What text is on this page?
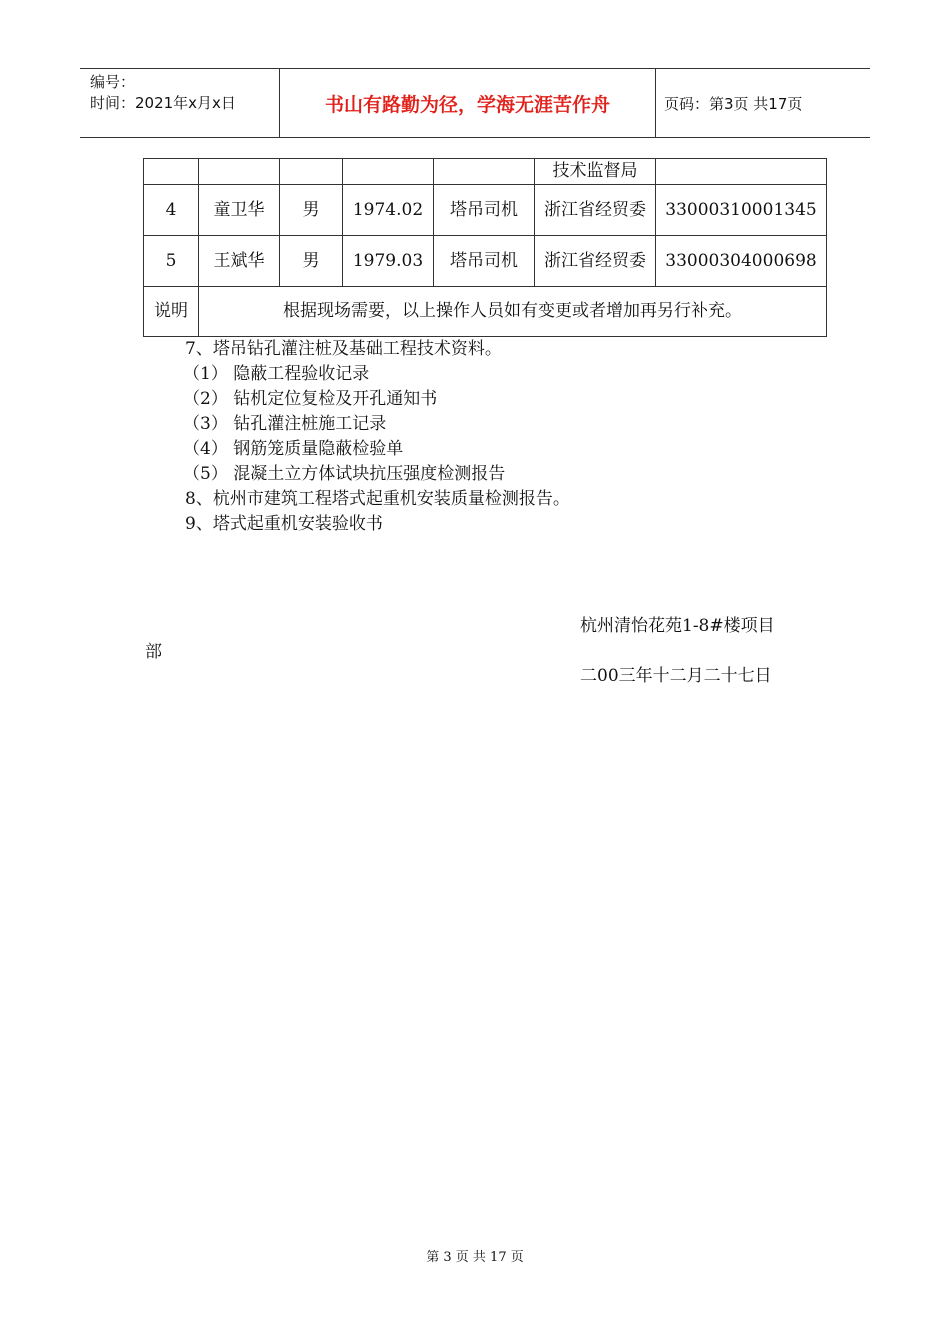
编号：
时间：2021年x月x日	书山有路勤为径，学海无涯苦作舟	页码：第3页 共17页
					技术监督局	
4	童卫华	男	1974.02	塔吊司机	浙江省经贸委	33000310001345
5	王斌华	男	1979.03	塔吊司机	浙江省经贸委	33000304000698
说明	根据现场需要，以上操作人员如有变更或者增加再另行补充。					
7、塔吊钻孔灌注桩及基础工程技术资料。
（1） 隐蔽工程验收记录
（2） 钻机定位复检及开孔通知书
（3） 钻孔灌注桩施工记录
（4） 钢筋笼质量隐蔽检验单
（5） 混凝土立方体试块抗压强度检测报告
8、杭州市建筑工程塔式起重机安装质量检测报告。
9、塔式起重机安装验收书
杭州清怡花苑1-8#楼项目
部
二00三年十二月二十七日
第 3 页 共 17 页
